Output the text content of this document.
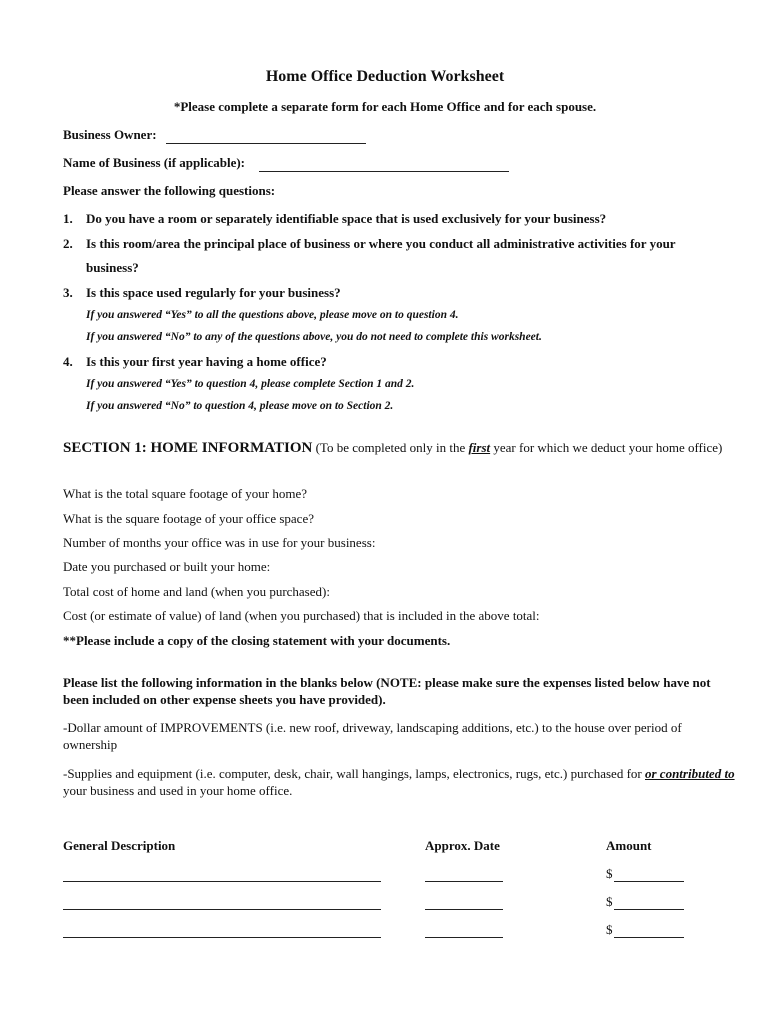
Home Office Deduction Worksheet
*Please complete a separate form for each Home Office and for each spouse.
Business Owner:
Name of Business (if applicable):
Please answer the following questions:
1. Do you have a room or separately identifiable space that is used exclusively for your business?
2. Is this room/area the principal place of business or where you conduct all administrative activities for your
business?
3. Is this space used regularly for your business?
If you answered “Yes” to all the questions above, please move on to question 4.
If you answered “No” to any of the questions above, you do not need to complete this worksheet.
4. Is this your first year having a home office?
If you answered “Yes” to question 4, please complete Section 1 and 2.
If you answered “No” to question 4, please move on to Section 2.
SECTION 1: HOME INFORMATION (To be completed only in the first year for which we deduct your home office)
What is the total square footage of your home?
What is the square footage of your office space?
Number of months your office was in use for your business:
Date you purchased or built your home:
Total cost of home and land (when you purchased):
Cost (or estimate of value) of land (when you purchased) that is included in the above total:
**Please include a copy of the closing statement with your documents.
Please list the following information in the blanks below (NOTE: please make sure the expenses listed below have not been included on other expense sheets you have provided).
-Dollar amount of IMPROVEMENTS (i.e. new roof, driveway, landscaping additions, etc.) to the house over period of ownership
-Supplies and equipment (i.e. computer, desk, chair, wall hangings, lamps, electronics, rugs, etc.) purchased for or contributed to your business and used in your home office.
General Description	Approx. Date	Amount
$
$
$
